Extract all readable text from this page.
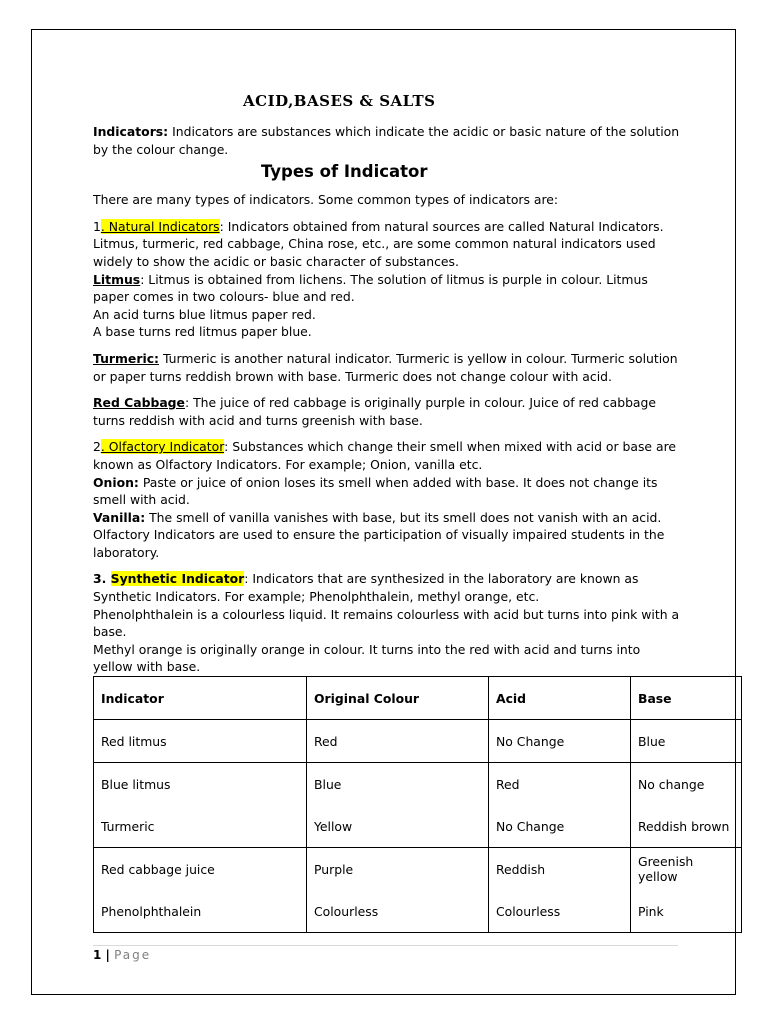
ACID,BASES & SALTS

Indicators: Indicators are substances which indicate the acidic or basic nature of the solution by the colour change.

Types of Indicator

There are many types of indicators. Some common types of indicators are:

1. Natural Indicators: Indicators obtained from natural sources are called Natural Indicators. Litmus, turmeric, red cabbage, China rose, etc., are some common natural indicators used widely to show the acidic or basic character of substances.

Litmus: Litmus is obtained from lichens. The solution of litmus is purple in colour. Litmus paper comes in two colours- blue and red.

An acid turns blue litmus paper red.

A base turns red litmus paper blue.

Turmeric: Turmeric is another natural indicator. Turmeric is yellow in colour. Turmeric solution or paper turns reddish brown with base. Turmeric does not change colour with acid.

Red Cabbage: The juice of red cabbage is originally purple in colour. Juice of red cabbage turns reddish with acid and turns greenish with base.

2. Olfactory Indicator: Substances which change their smell when mixed with acid or base are known as Olfactory Indicators. For example; Onion, vanilla etc.

Onion: Paste or juice of onion loses its smell when added with base. It does not change its smell with acid.

Vanilla: The smell of vanilla vanishes with base, but its smell does not vanish with an acid.

Olfactory Indicators are used to ensure the participation of visually impaired students in the laboratory.

3. Synthetic Indicator: Indicators that are synthesized in the laboratory are known as Synthetic Indicators. For example; Phenolphthalein, methyl orange, etc.

Phenolphthalein is a colourless liquid. It remains colourless with acid but turns into pink with a base.

Methyl orange is originally orange in colour. It turns into the red with acid and turns into yellow with base.

Indicator	Original Colour	Acid	Base
Red litmus	Red	No Change	Blue
Blue litmus	Blue	Red	No change
Turmeric	Yellow	No Change	Reddish brown
Red cabbage juice	Purple	Reddish	Greenish yellow
Phenolphthalein	Colourless	Colourless	Pink
1 | Page
